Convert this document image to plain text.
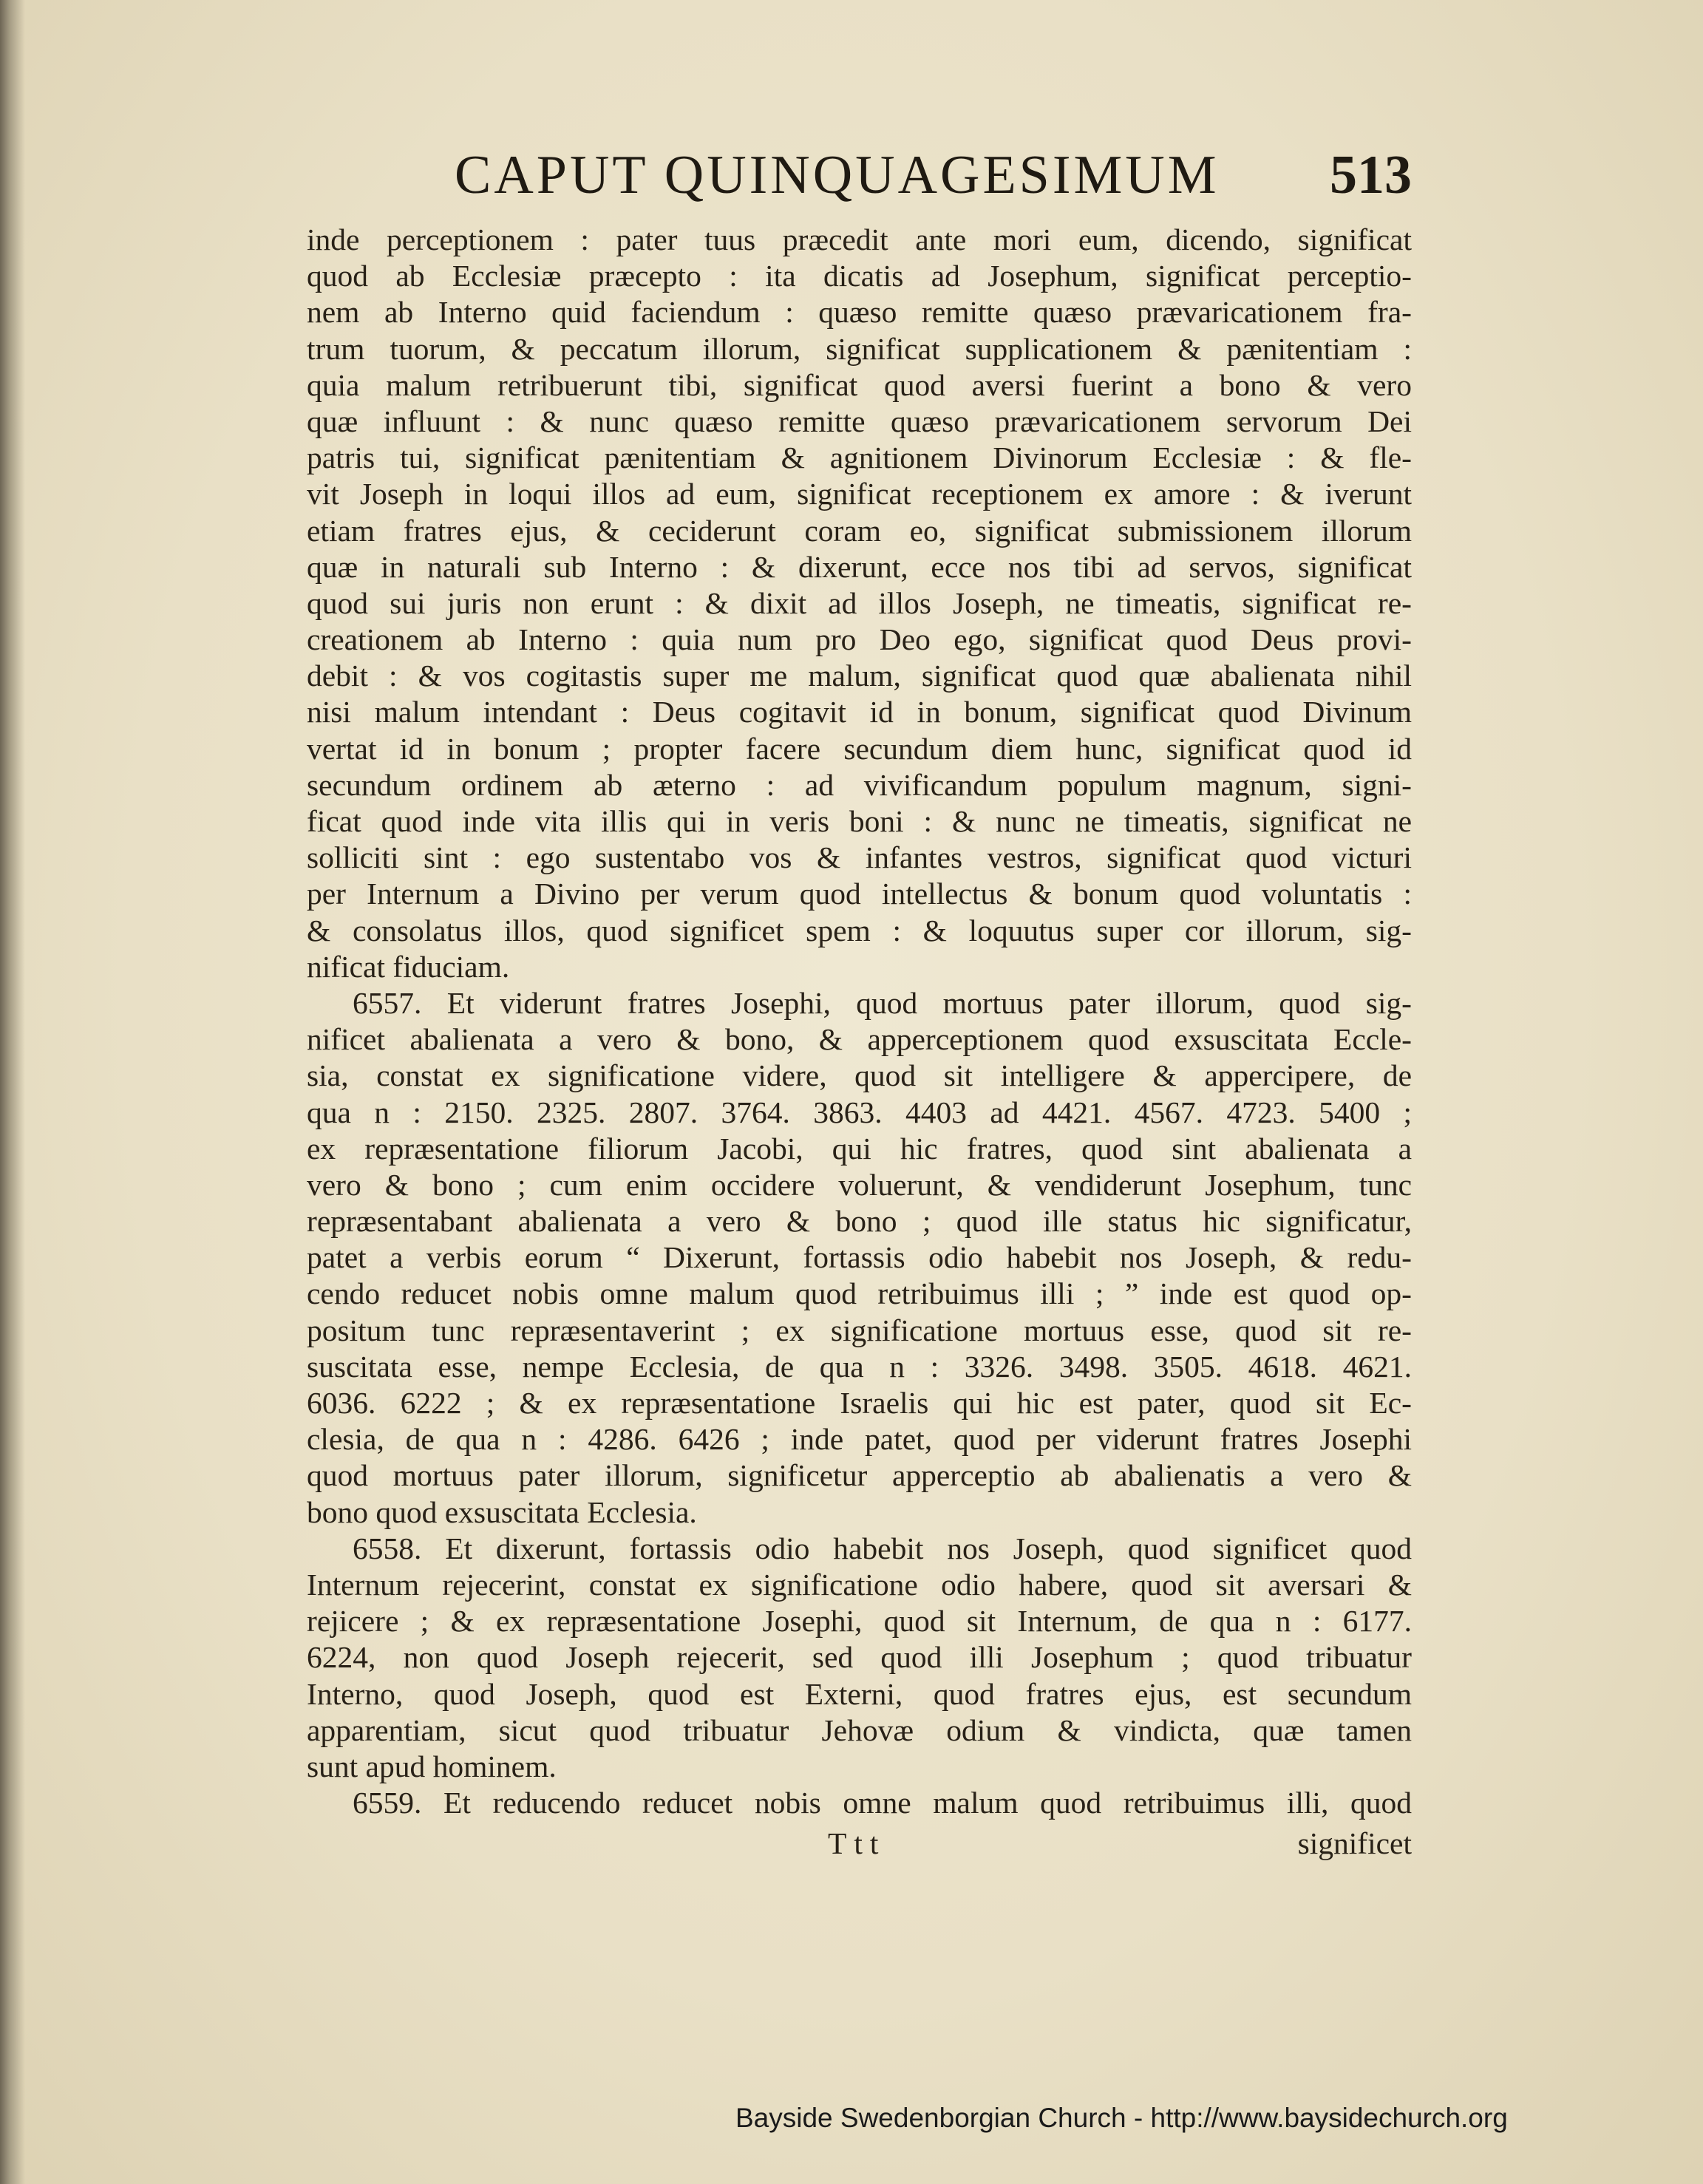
CAPUT QUINQUAGESIMUM 513
inde perceptionem : pater tuus præcedit ante mori eum, dicendo, significat
quod ab Ecclesiæ præcepto : ita dicatis ad Josephum, significat perceptio-
nem ab Interno quid faciendum : quæso remitte quæso prævaricationem fra-
trum tuorum, & peccatum illorum, significat supplicationem & pænitentiam :
quia malum retribuerunt tibi, significat quod aversi fuerint a bono & vero
quæ influunt : & nunc quæso remitte quæso prævaricationem servorum Dei
patris tui, significat pænitentiam & agnitionem Divinorum Ecclesiæ : & fle-
vit Joseph in loqui illos ad eum, significat receptionem ex amore : & iverunt
etiam fratres ejus, & ceciderunt coram eo, significat submissionem illorum
quæ in naturali sub Interno : & dixerunt, ecce nos tibi ad servos, significat
quod sui juris non erunt : & dixit ad illos Joseph, ne timeatis, significat re-
creationem ab Interno : quia num pro Deo ego, significat quod Deus provi-
debit : & vos cogitastis super me malum, significat quod quæ abalienata nihil
nisi malum intendant : Deus cogitavit id in bonum, significat quod Divinum
vertat id in bonum ; propter facere secundum diem hunc, significat quod id
secundum ordinem ab æterno : ad vivificandum populum magnum, signi-
ficat quod inde vita illis qui in veris boni : & nunc ne timeatis, significat ne
solliciti sint : ego sustentabo vos & infantes vestros, significat quod victuri
per Internum a Divino per verum quod intellectus & bonum quod voluntatis :
& consolatus illos, quod significet spem : & loquutus super cor illorum, sig-
nificat fiduciam.
6557. Et viderunt fratres Josephi, quod mortuus pater illorum, quod sig-
nificet abalienata a vero & bono, & apperceptionem quod exsuscitata Eccle-
sia, constat ex significatione videre, quod sit intelligere & appercipere, de
qua n : 2150. 2325. 2807. 3764. 3863. 4403 ad 4421. 4567. 4723. 5400 ;
ex repræsentatione filiorum Jacobi, qui hic fratres, quod sint abalienata a
vero & bono ; cum enim occidere voluerunt, & vendiderunt Josephum, tunc
repræsentabant abalienata a vero & bono ; quod ille status hic significatur,
patet a verbis eorum “ Dixerunt, fortassis odio habebit nos Joseph, & redu-
cendo reducet nobis omne malum quod retribuimus illi ; ” inde est quod op-
positum tunc repræsentaverint ; ex significatione mortuus esse, quod sit re-
suscitata esse, nempe Ecclesia, de qua n : 3326. 3498. 3505. 4618. 4621.
6036. 6222 ; & ex repræsentatione Israelis qui hic est pater, quod sit Ec-
clesia, de qua n : 4286. 6426 ; inde patet, quod per viderunt fratres Josephi
quod mortuus pater illorum, significetur apperceptio ab abalienatis a vero &
bono quod exsuscitata Ecclesia.
6558. Et dixerunt, fortassis odio habebit nos Joseph, quod significet quod
Internum rejecerint, constat ex significatione odio habere, quod sit aversari &
rejicere ; & ex repræsentatione Josephi, quod sit Internum, de qua n : 6177.
6224, non quod Joseph rejecerit, sed quod illi Josephum ; quod tribuatur
Interno, quod Joseph, quod est Externi, quod fratres ejus, est secundum
apparentiam, sicut quod tribuatur Jehovæ odium & vindicta, quæ tamen
sunt apud hominem.
6559. Et reducendo reducet nobis omne malum quod retribuimus illi, quod
Ttt	significet
Bayside Swedenborgian Church - http://www.baysidechurch.org
